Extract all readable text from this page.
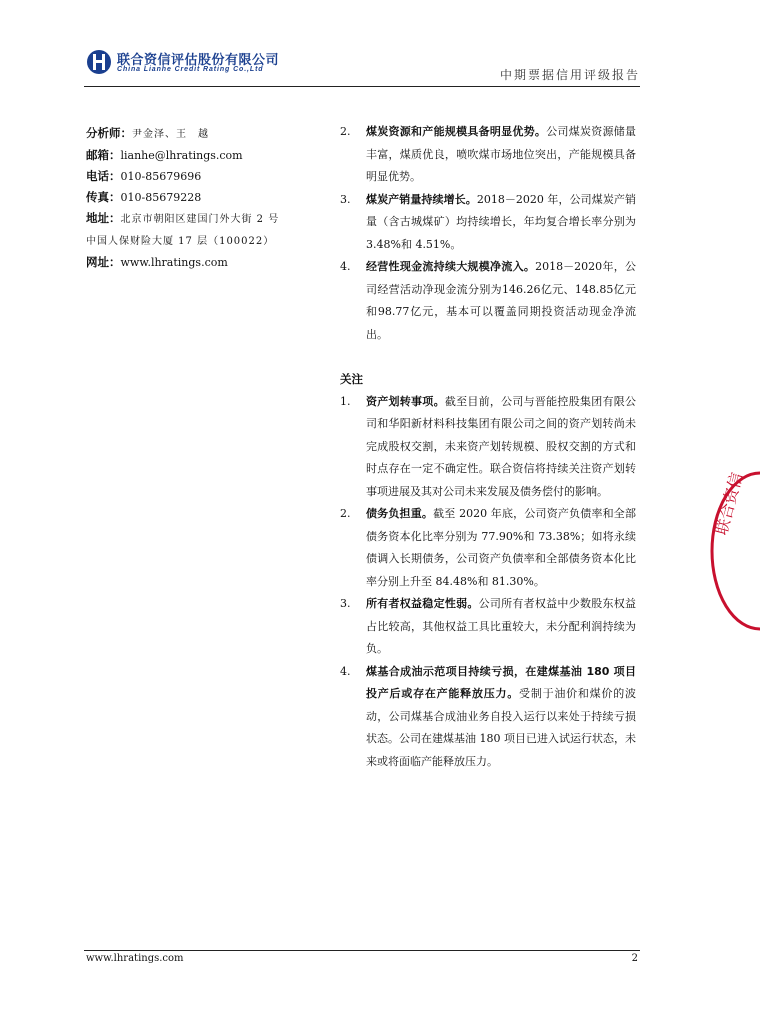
联合资信评估股份有限公司
China Lianhe Credit Rating Co.,Ltd	中期票据信用评级报告
分析师：尹金泽、王　越
邮箱：lianhe@lhratings.com
电话：010-85679696
传真：010-85679228
地址：北京市朝阳区建国门外大街 2 号
中国人保财险大厦 17 层（100022）
网址：www.lhratings.com
2.	煤炭资源和产能规模具备明显优势。公司煤炭资源储量丰富，煤质优良，喷吹煤市场地位突出，产能规模具备明显优势。
3.	煤炭产销量持续增长。2018－2020 年，公司煤炭产销量（含古城煤矿）均持续增长，年均复合增长率分别为 3.48%和 4.51%。
4.	经营性现金流持续大规模净流入。2018－2020年，公司经营活动净现金流分别为146.26亿元、148.85亿元和98.77亿元，基本可以覆盖同期投资活动现金净流出。
关注
1.	资产划转事项。截至目前，公司与晋能控股集团有限公司和华阳新材料科技集团有限公司之间的资产划转尚未完成股权交割，未来资产划转规模、股权交割的方式和时点存在一定不确定性。联合资信将持续关注资产划转事项进展及其对公司未来发展及债务偿付的影响。
2.	债务负担重。截至 2020 年底，公司资产负债率和全部债务资本化比率分别为 77.90%和 73.38%；如将永续债调入长期债务，公司资产负债率和全部债务资本化比率分别上升至 84.48%和 81.30%。
3.	所有者权益稳定性弱。公司所有者权益中少数股东权益占比较高，其他权益工具比重较大，未分配利润持续为负。
4.	煤基合成油示范项目持续亏损，在建煤基油 180 项目投产后或存在产能释放压力。受制于油价和煤价的波动，公司煤基合成油业务自投入运行以来处于持续亏损状态。公司在建煤基油 180 项目已进入试运行状态，未来或将面临产能释放压力。
联合资信
www.lhratings.com	2
